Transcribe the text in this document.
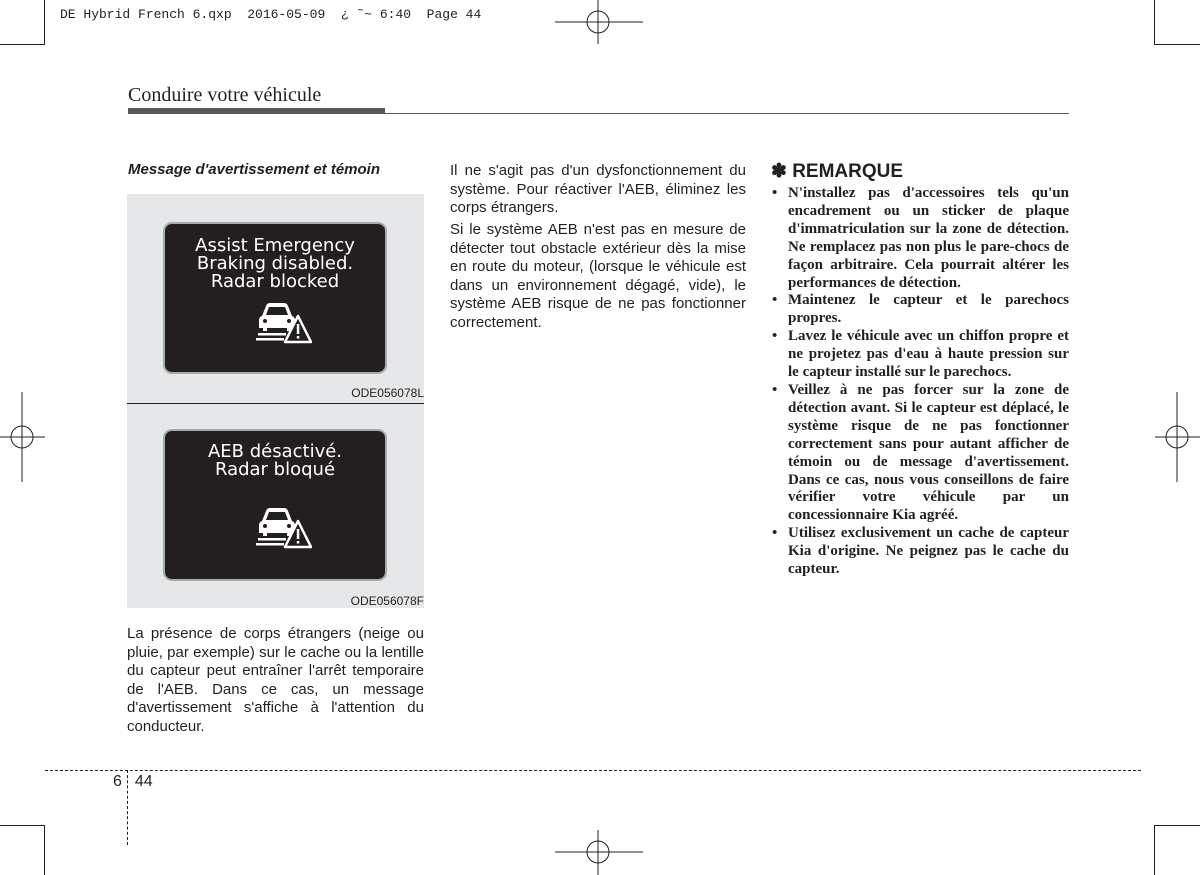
DE Hybrid French 6.qxp  2016-05-09  ¿ ˜~ 6:40  Page 44
Conduire votre véhicule
Message d'avertissement et témoin
Assist Emergency
Braking disabled.
Radar blocked
ODE056078L
AEB désactivé.
Radar bloqué
ODE056078F

La présence de corps étrangers (neige ou pluie, par exemple) sur le cache ou la lentille du capteur peut entraîner l'arrêt temporaire de l'AEB. Dans ce cas, un message d'avertissement s'affiche à l'attention du conducteur.

Il ne s'agit pas d'un dysfonctionnement du système. Pour réactiver l'AEB, éliminez les corps étrangers.

Si le système AEB n'est pas en mesure de détecter tout obstacle extérieur dès la mise en route du moteur, (lorsque le véhicule est dans un environnement dégagé, vide), le système AEB risque de ne pas fonctionner correctement.

✽ REMARQUE
• N'installez pas d'accessoires tels qu'un encadrement ou un sticker de plaque d'immatriculation sur la zone de détection. Ne remplacez pas non plus le pare-chocs de façon arbitraire. Cela pourrait altérer les performances de détection.
• Maintenez le capteur et le parechocs propres.
• Lavez le véhicule avec un chiffon propre et ne projetez pas d'eau à haute pression sur le capteur installé sur le parechocs.
• Veillez à ne pas forcer sur la zone de détection avant. Si le capteur est déplacé, le système risque de ne pas fonctionner correctement sans pour autant afficher de témoin ou de message d'avertissement. Dans ce cas, nous vous conseillons de faire vérifier votre véhicule par un concessionnaire Kia agréé.
• Utilisez exclusivement un cache de capteur Kia d'origine. Ne peignez pas le cache du capteur.
6 44
